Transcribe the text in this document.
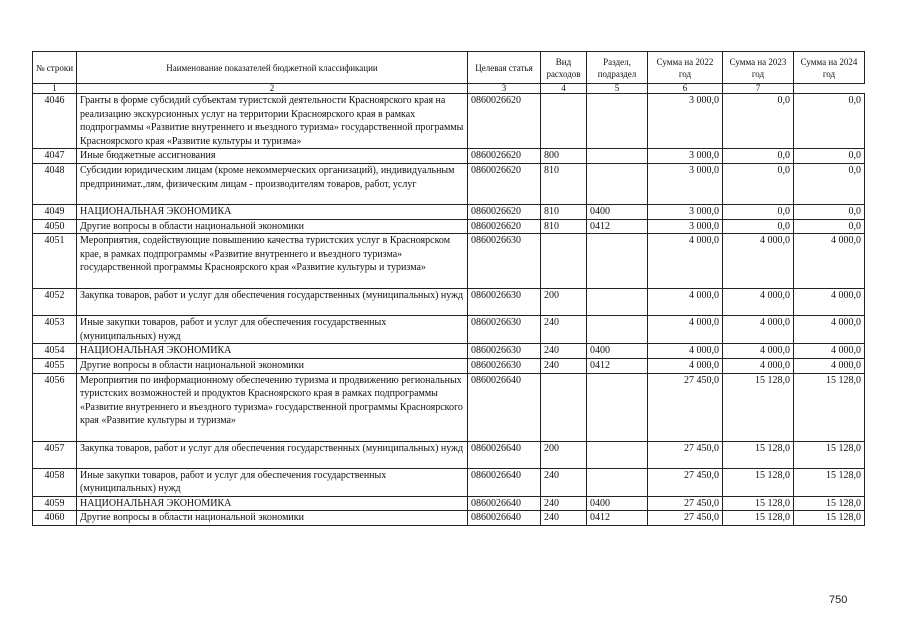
№ строки	Наименование показателей бюджетной классификации	Целевая статья	Вид расходов	Раздел, подраздел	Сумма на 2022 год	Сумма на 2023 год	Сумма на 2024 год
1	2	3	4	5	6	7	
4046	Гранты в форме субсидий субъектам туристской деятельности Красноярского края на реализацию экскурсионных услуг на территории Красноярского края в рамках подпрограммы «Развитие внутреннего и въездного туризма» государственной программы Красноярского края «Развитие культуры и туризма»	0860026620			3 000,0	0,0	0,0
4047	Иные бюджетные ассигнования	0860026620	800		3 000,0	0,0	0,0
4048	Субсидии юридическим лицам (кроме некоммерческих организаций), индивидуальным предпринимат.,лям, физическим лицам - производителям товаров, работ, услуг	0860026620	810		3 000,0	0,0	0,0
4049	НАЦИОНАЛЬНАЯ ЭКОНОМИКА	0860026620	810	0400	3 000,0	0,0	0,0
4050	Другие вопросы в области национальной экономики	0860026620	810	0412	3 000,0	0,0	0,0
4051	Мероприятия, содействующие повышению качества туристских услуг в Красноярском крае, в рамках подпрограммы «Развитие внутреннего и въездного туризма» государственной программы Красноярского края «Развитие культуры и туризма»	0860026630			4 000,0	4 000,0	4 000,0
4052	Закупка товаров, работ и услуг для обеспечения государственных (муниципальных) нужд	0860026630	200		4 000,0	4 000,0	4 000,0
4053	Иные закупки товаров, работ и услуг для обеспечения государственных (муниципальных) нужд	0860026630	240		4 000,0	4 000,0	4 000,0
4054	НАЦИОНАЛЬНАЯ ЭКОНОМИКА	0860026630	240	0400	4 000,0	4 000,0	4 000,0
4055	Другие вопросы в области национальной экономики	0860026630	240	0412	4 000,0	4 000,0	4 000,0
4056	Мероприятия по информационному обеспечению туризма и продвижению региональных туристских возможностей и продуктов Красноярского края в рамках подпрограммы «Развитие внутреннего и въездного туризма» государственной программы Красноярского края «Развитие культуры и туризма»	0860026640			27 450,0	15 128,0	15 128,0
4057	Закупка товаров, работ и услуг для обеспечения государственных (муниципальных) нужд	0860026640	200		27 450,0	15 128,0	15 128,0
4058	Иные закупки товаров, работ и услуг для обеспечения государственных (муниципальных) нужд	0860026640	240		27 450,0	15 128,0	15 128,0
4059	НАЦИОНАЛЬНАЯ ЭКОНОМИКА	0860026640	240	0400	27 450,0	15 128,0	15 128,0
4060	Другие вопросы в области национальной экономики	0860026640	240	0412	27 450,0	15 128,0	15 128,0
750
